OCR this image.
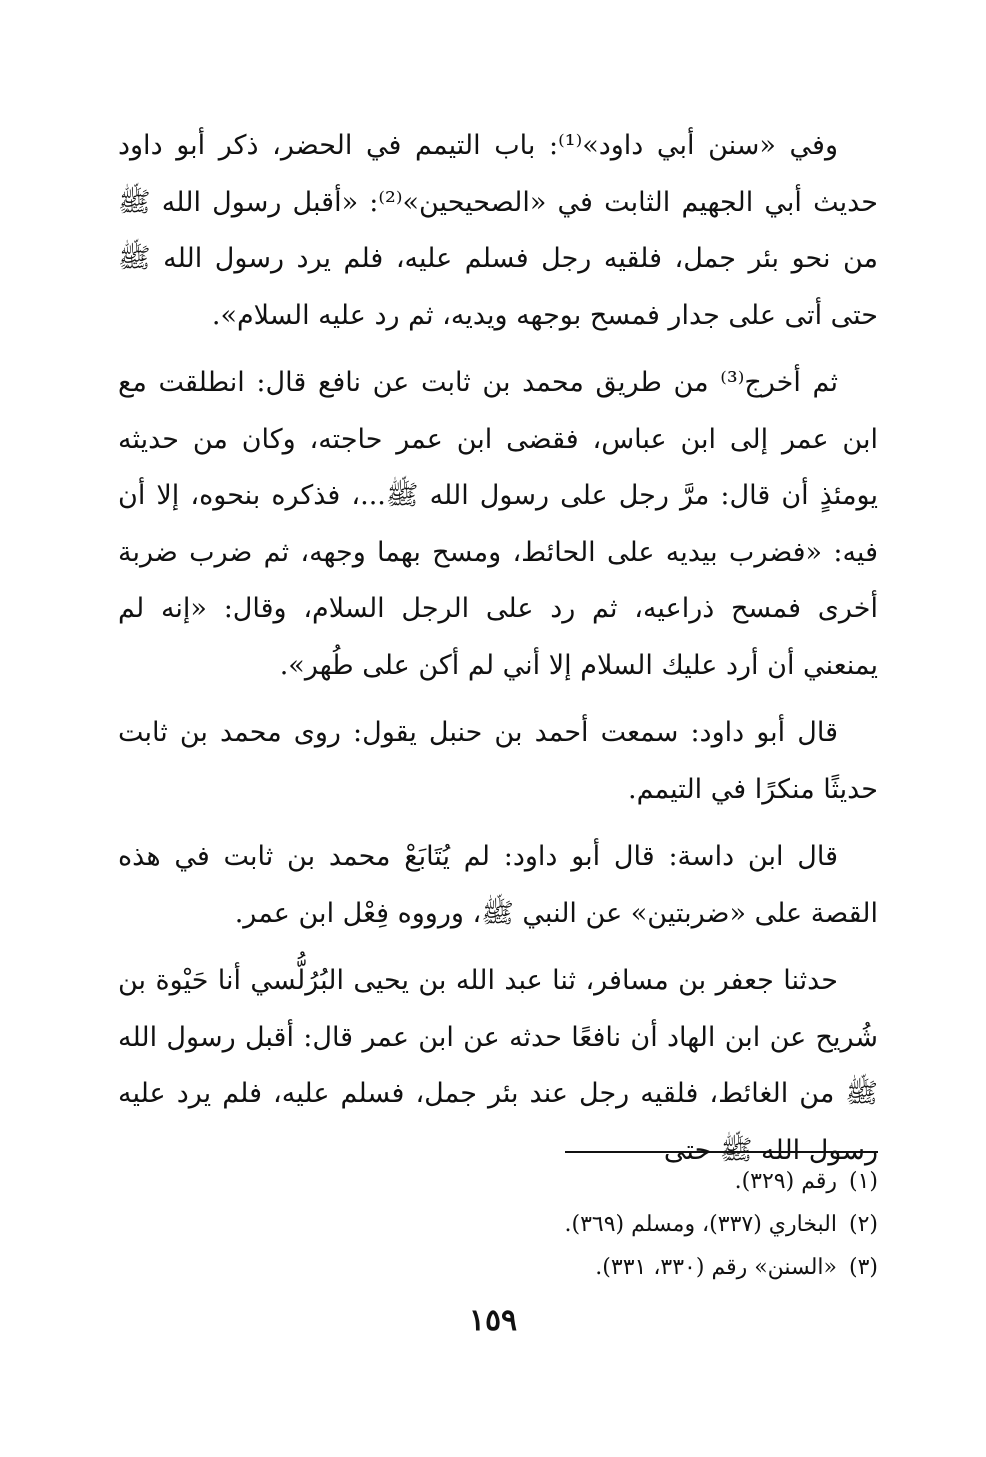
وفي «سنن أبي داود»⁽¹⁾: باب التيمم في الحضر، ذكر أبو داود حديث أبي الجهيم الثابت في «الصحيحين»⁽²⁾: «أقبل رسول الله ﷺ من نحو بئر جمل، فلقيه رجل فسلم عليه، فلم يرد رسول الله ﷺ حتى أتى على جدار فمسح بوجهه ويديه، ثم رد عليه السلام».

ثم أخرج⁽³⁾ من طريق محمد بن ثابت عن نافع قال: انطلقت مع ابن عمر إلى ابن عباس، فقضى ابن عمر حاجته، وكان من حديثه يومئذٍ أن قال: مرَّ رجل على رسول الله ﷺ...، فذكره بنحوه، إلا أن فيه: «فضرب بيديه على الحائط، ومسح بهما وجهه، ثم ضرب ضربة أخرى فمسح ذراعيه، ثم رد على الرجل السلام، وقال: «إنه لم يمنعني أن أرد عليك السلام إلا أني لم أكن على طُهر».

قال أبو داود: سمعت أحمد بن حنبل يقول: روى محمد بن ثابت حديثًا منكرًا في التيمم.

قال ابن داسة: قال أبو داود: لم يُتَابَعْ محمد بن ثابت في هذه القصة على «ضربتين» عن النبي ﷺ، ورووه فِعْل ابن عمر.

حدثنا جعفر بن مسافر، ثنا عبد الله بن يحيى البُرُلُّسي أنا حَيْوة بن شُريح عن ابن الهاد أن نافعًا حدثه عن ابن عمر قال: أقبل رسول الله ﷺ من الغائط، فلقيه رجل عند بئر جمل، فسلم عليه، فلم يرد عليه رسول الله ﷺ حتى

(١)رقم (٣٢٩).
(٢)البخاري (٣٣٧)، ومسلم (٣٦٩).
(٣)«السنن» رقم (٣٣٠، ٣٣١).
١٥٩
